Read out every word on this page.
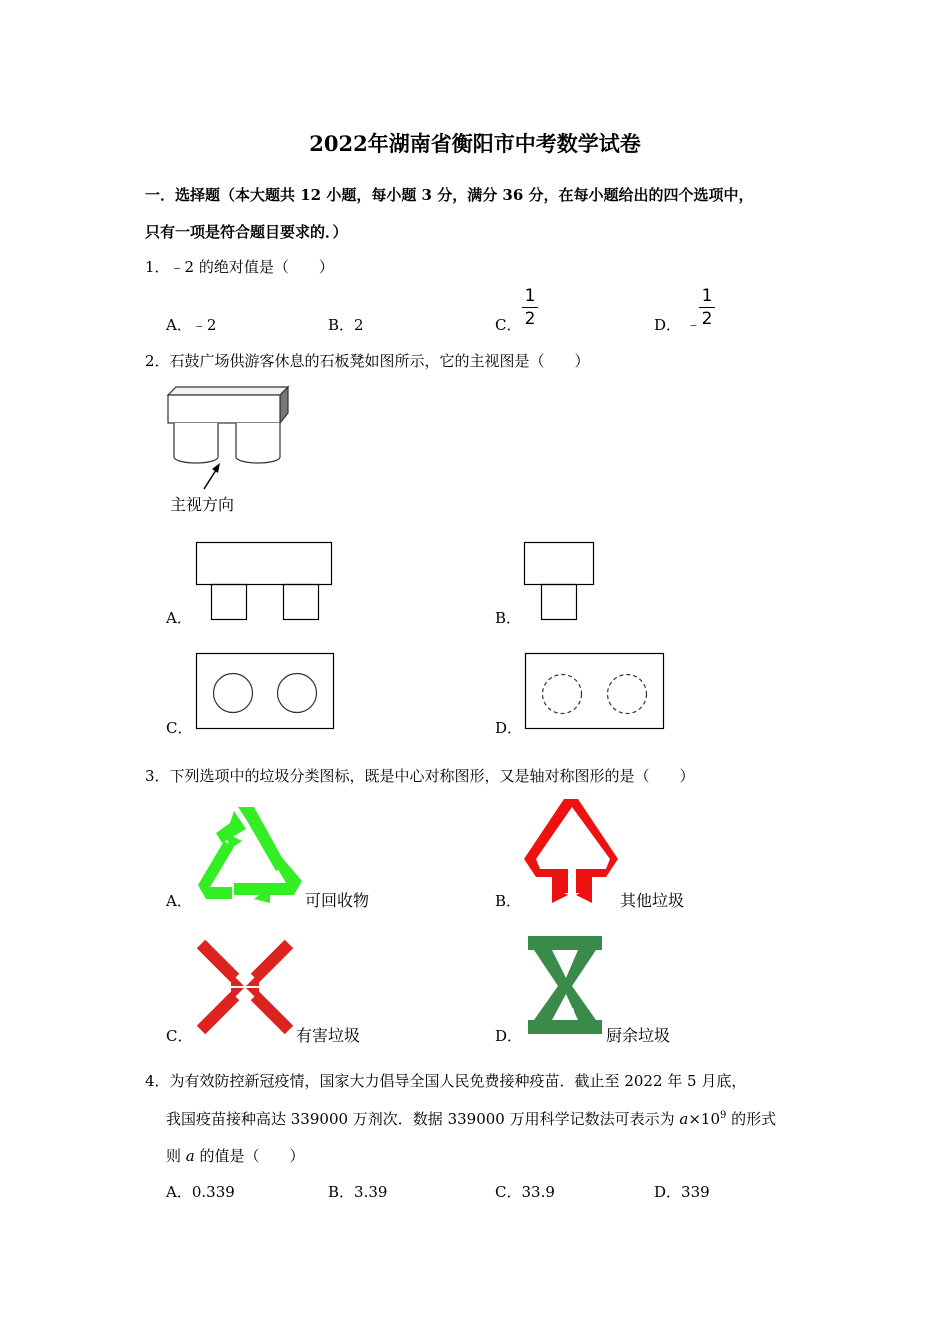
2022年湖南省衡阳市中考数学试卷
一．选择题（本大题共 12 小题，每小题 3 分，满分 36 分，在每小题给出的四个选项中，
只有一项是符合题目要求的．）
1．﹣2 的绝对值是（　　）
A．﹣2	B．2	C．
1
2	D． ﹣
1
2
2．石鼓广场供游客休息的石板凳如图所示，它的主视图是（　　）
主视方向
A．	B．
C．	D．
3．下列选项中的垃圾分类图标，既是中心对称图形，又是轴对称图形的是（　　）
A．	可回收物	B．	其他垃圾
C．	有害垃圾	D．	厨余垃圾
4．为有效防控新冠疫情，国家大力倡导全国人民免费接种疫苗．截止至 2022 年 5 月底，
我国疫苗接种高达 339000 万剂次．数据 339000 万用科学记数法可表示为 $a\times 10^9$ 的形式
则 a 的值是（　　）
A．0.339	B．3.39	C．33.9	D．339
